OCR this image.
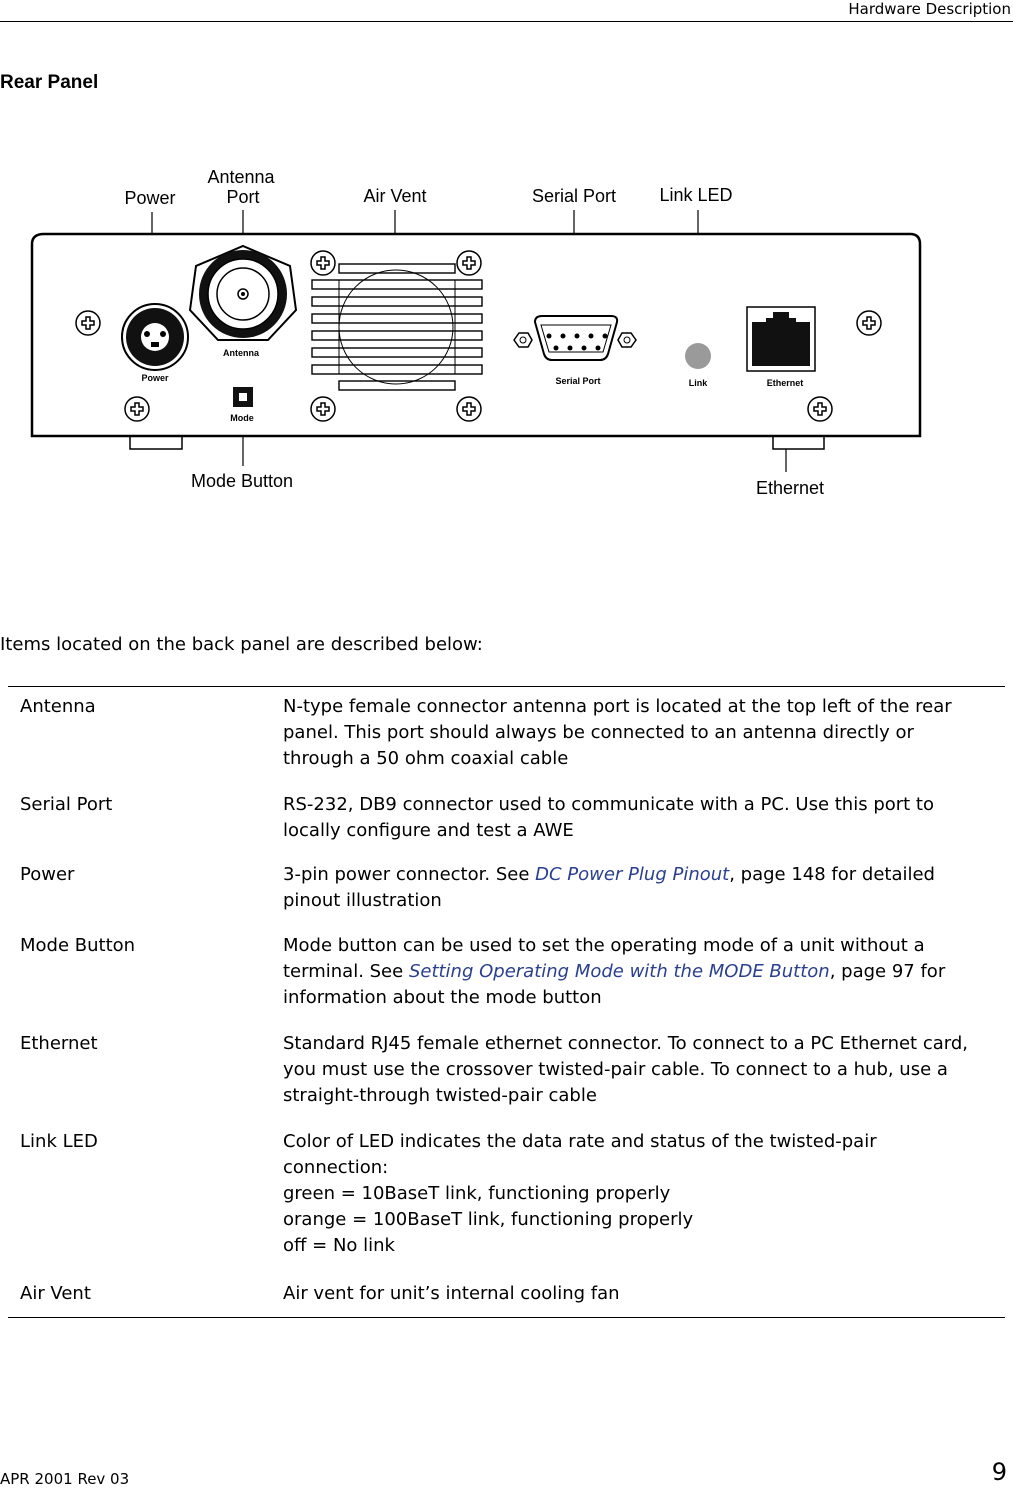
Hardware Description
Rear Panel
Power
Antenna
Port	Air Vent	Serial Port Link LED
Mode Button	Ethernet
Power
Antenna
Mode
Serial Port	Link	Ethernet
Items located on the back panel are described below:
Antenna	N-type female connector antenna port is located at the top left of the rear
panel. This port should always be connected to an antenna directly or
through a 50 ohm coaxial cable
Serial Port	RS-232, DB9 connector used to communicate with a PC. Use this port to
locally configure and test a AWE
Power	3-pin power connector. See DC Power Plug Pinout, page 148 for detailed
pinout illustration
Mode Button	Mode button can be used to set the operating mode of a unit without a
terminal. See Setting Operating Mode with the MODE Button, page 97 for
information about the mode button
Ethernet	Standard RJ45 female ethernet connector. To connect to a PC Ethernet card,
you must use the crossover twisted-pair cable. To connect to a hub, use a
straight-through twisted-pair cable
Link LED	Color of LED indicates the data rate and status of the twisted-pair
connection:
green = 10BaseT link, functioning properly
orange = 100BaseT link, functioning properly
off = No link
Air Vent	Air vent for unit’s internal cooling fan
APR 2001 Rev 03	9
